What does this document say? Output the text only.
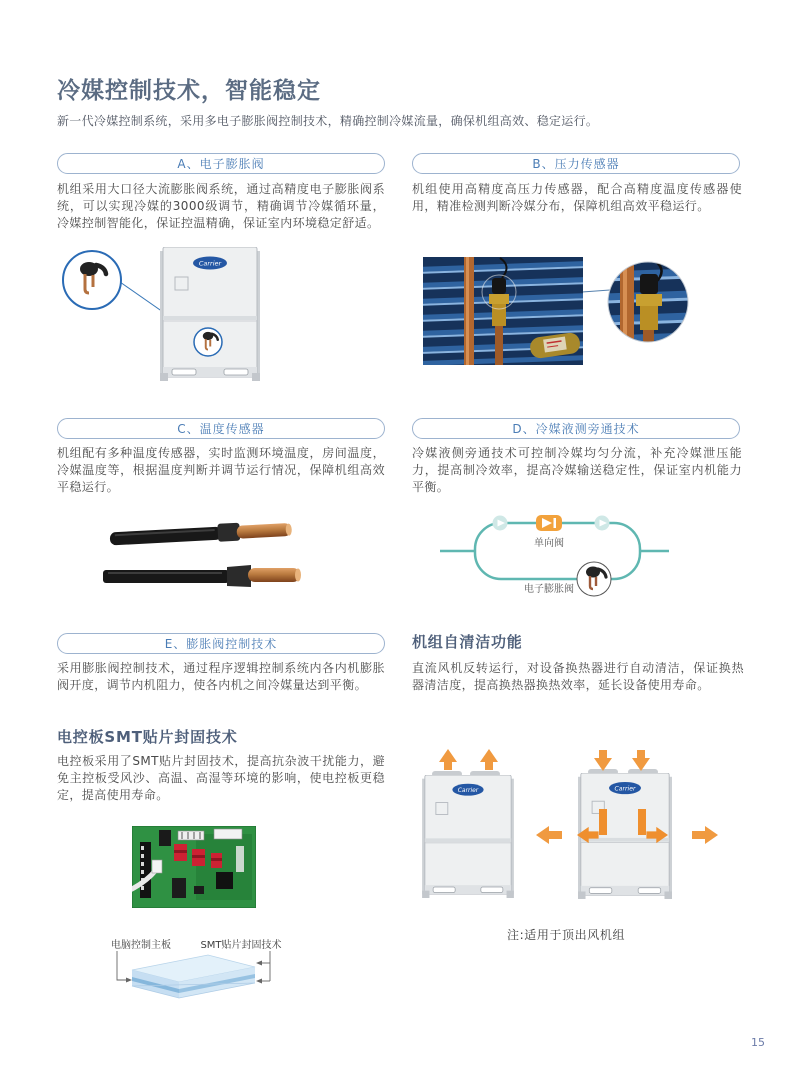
冷媒控制技术，智能稳定

新一代冷媒控制系统，采用多电子膨胀阀控制技术，精确控制冷媒流量，确保机组高效、稳定运行。

A、电子膨胀阀

机组采用大口径大流膨胀阀系统，通过高精度电子膨胀阀系统，可以实现冷媒的3000级调节，精确调节冷媒循环量，冷媒控制智能化，保证控温精确，保证室内环境稳定舒适。

C、温度传感器

机组配有多种温度传感器，实时监测环境温度，房间温度，冷媒温度等，根据温度判断并调节运行情况，保障机组高效平稳运行。

E、膨胀阀控制技术

采用膨胀阀控制技术，通过程序逻辑控制系统内各内机膨胀阀开度，调节内机阻力，使各内机之间冷媒量达到平衡。

电控板SMT贴片封固技术

电控板采用了SMT贴片封固技术，提高抗杂波干扰能力，避免主控板受风沙、高温、高湿等环境的影响，使电控板更稳定，提高使用寿命。

电脑控制主板	SMT贴片封固技术
B、压力传感器

机组使用高精度高压力传感器，配合高精度温度传感器使用，精准检测判断冷媒分布，保障机组高效平稳运行。

D、冷媒液测旁通技术

冷媒液侧旁通技术可控制冷媒均匀分流，补充冷媒泄压能力，提高制冷效率，提高冷媒输送稳定性，保证室内机能力平衡。

单向阀
电子膨胀阀
机组自清洁功能

直流风机反转运行，对设备换热器进行自动清洁，保证换热器清洁度，提高换热器换热效率，延长设备使用寿命。

注:适用于顶出风机组
15
